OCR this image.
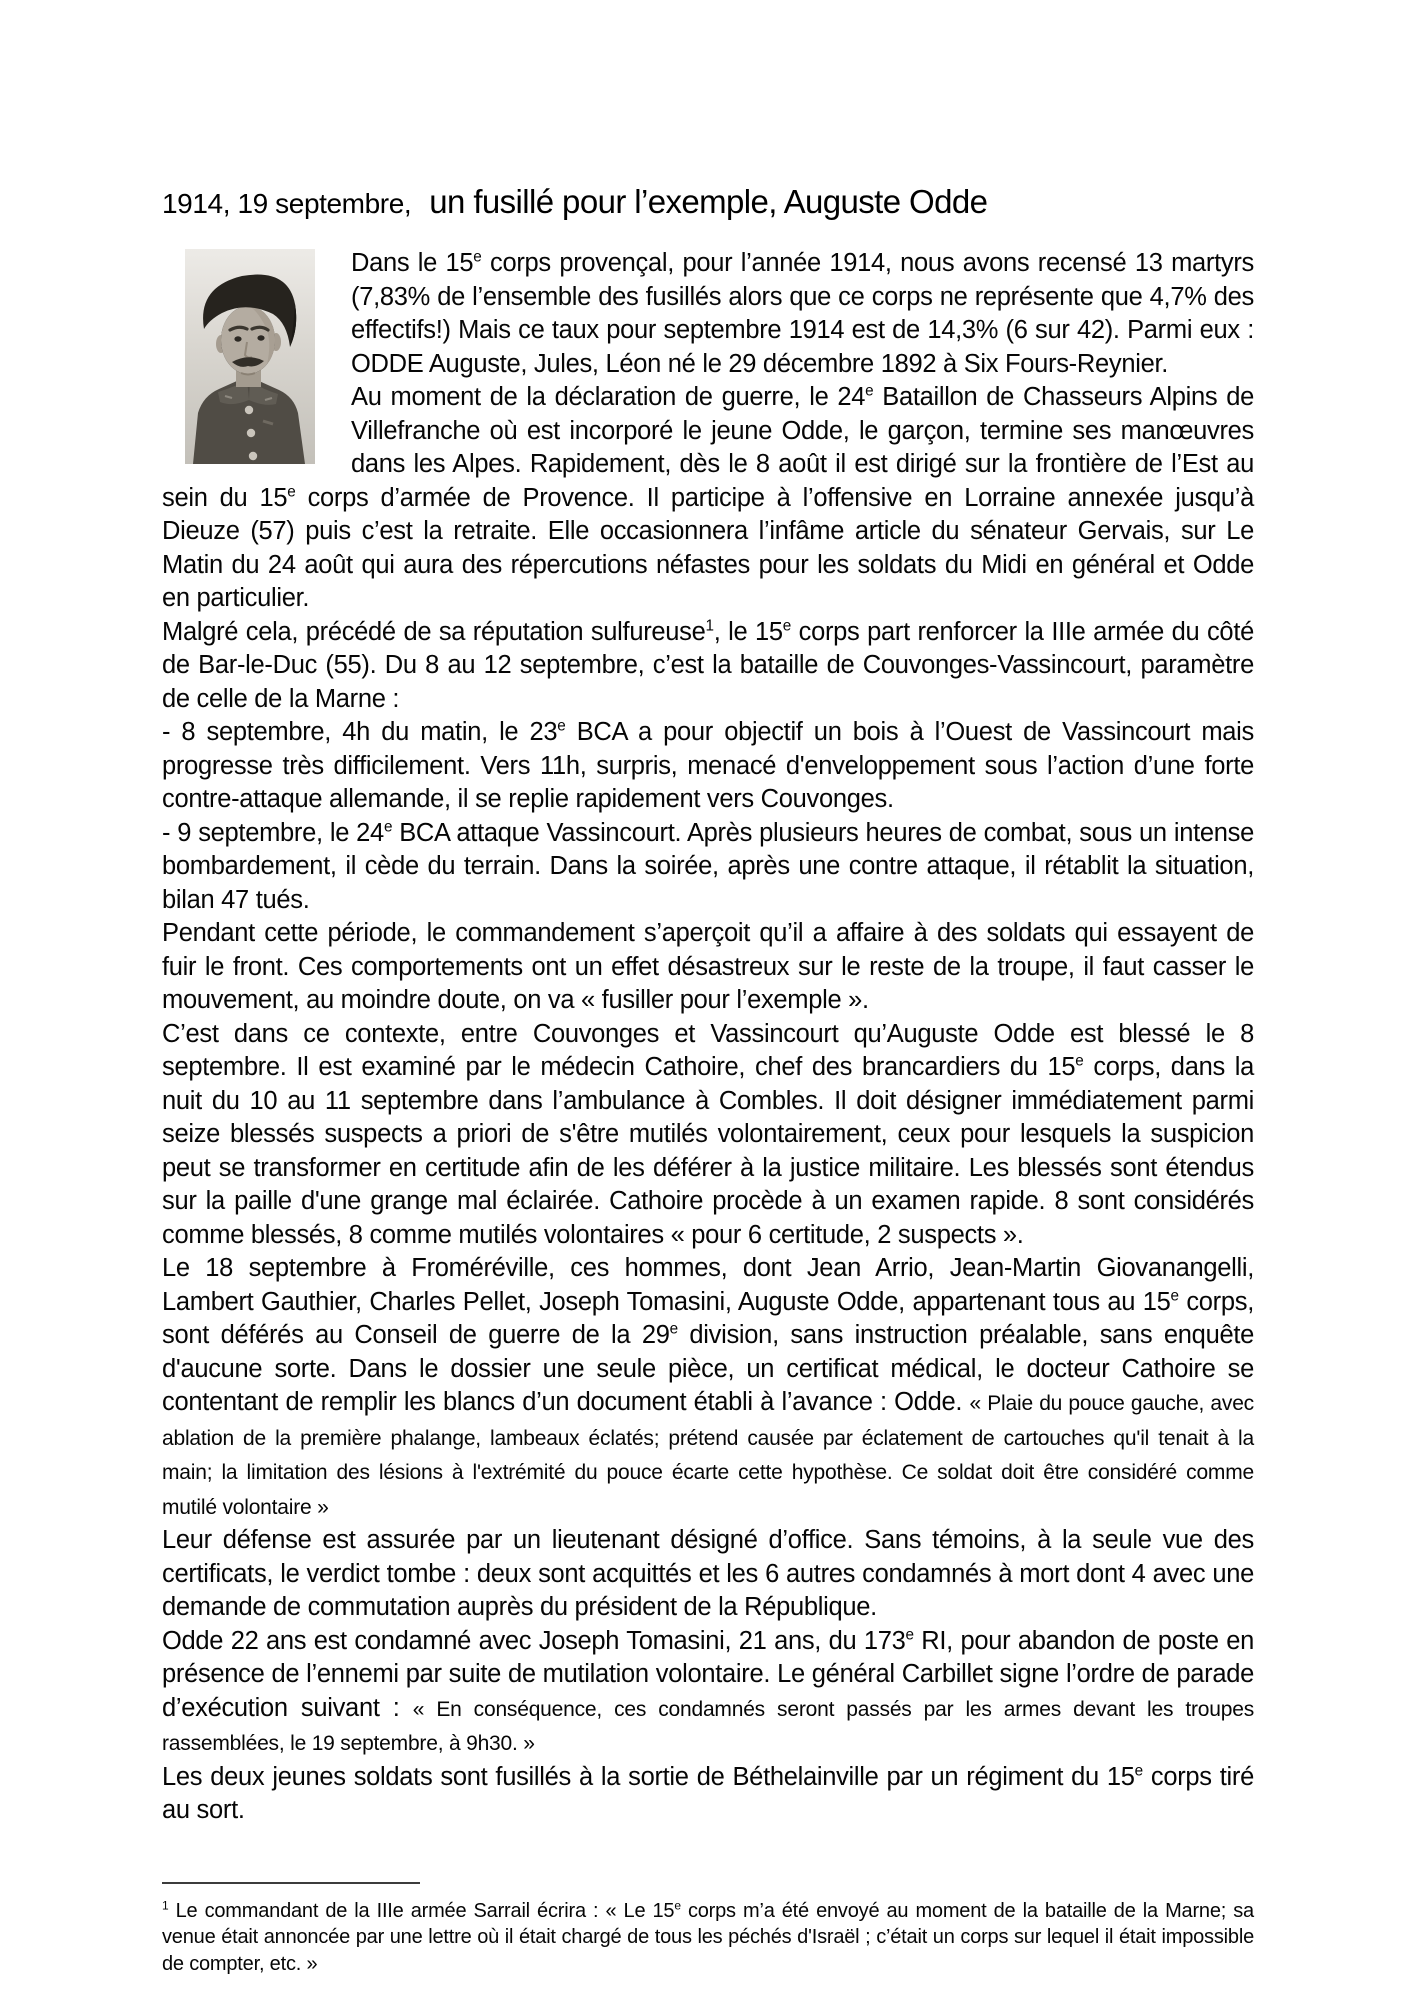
1914, 19 septembre, un fusillé pour l’exemple, Auguste Odde

Dans le 15e corps provençal, pour l’année 1914, nous avons recensé 13 martyrs (7,83% de l’ensemble des fusillés alors que ce corps ne représente que 4,7% des effectifs!) Mais ce taux pour septembre 1914 est de 14,3% (6 sur 42). Parmi eux : ODDE Auguste, Jules, Léon né le 29 décembre 1892 à Six Fours-Reynier.

Au moment de la déclaration de guerre, le 24e Bataillon de Chasseurs Alpins de Villefranche où est incorporé le jeune Odde, le garçon, termine ses manœuvres dans les Alpes. Rapidement, dès le 8 août il est dirigé sur la frontière de l’Est au sein du 15e corps d’armée de Provence. Il participe à l’offensive en Lorraine annexée jusqu’à Dieuze (57) puis c’est la retraite. Elle occasionnera l’infâme article du sénateur Gervais, sur Le Matin du 24 août qui aura des répercutions néfastes pour les soldats du Midi en général et Odde en particulier.

Malgré cela, précédé de sa réputation sulfureuse$^1$, le 15e corps part renforcer la IIIe armée du côté de Bar-le-Duc (55). Du 8 au 12 septembre, c’est la bataille de Couvonges-Vassincourt, paramètre de celle de la Marne :

- 8 septembre, 4h du matin, le 23e BCA a pour objectif un bois à l’Ouest de Vassincourt mais progresse très difficilement. Vers 11h, surpris, menacé d'enveloppement sous l’action d’une forte contre-attaque allemande, il se replie rapidement vers Couvonges.

- 9 septembre, le 24e BCA attaque Vassincourt. Après plusieurs heures de combat, sous un intense bombardement, il cède du terrain. Dans la soirée, après une contre attaque, il rétablit la situation, bilan 47 tués.

Pendant cette période, le commandement s’aperçoit qu’il a affaire à des soldats qui essayent de fuir le front. Ces comportements ont un effet désastreux sur le reste de la troupe, il faut casser le mouvement, au moindre doute, on va « fusiller pour l’exemple ».

C’est dans ce contexte, entre Couvonges et Vassincourt qu’Auguste Odde est blessé le 8 septembre. Il est examiné par le médecin Cathoire, chef des brancardiers du 15e corps, dans la nuit du 10 au 11 septembre dans l’ambulance à Combles. Il doit désigner immédiatement parmi seize blessés suspects a priori de s'être mutilés volontairement, ceux pour lesquels la suspicion peut se transformer en certitude afin de les déférer à la justice militaire. Les blessés sont étendus sur la paille d'une grange mal éclairée. Cathoire procède à un examen rapide. 8 sont considérés comme blessés, 8 comme mutilés volontaires « pour 6 certitude, 2 suspects ».

Le 18 septembre à Froméréville, ces hommes, dont Jean Arrio, Jean-Martin Giovanangelli, Lambert Gauthier, Charles Pellet, Joseph Tomasini, Auguste Odde, appartenant tous au 15e corps, sont déférés au Conseil de guerre de la 29e division, sans instruction préalable, sans enquête d'aucune sorte. Dans le dossier une seule pièce, un certificat médical, le docteur Cathoire se contentant de remplir les blancs d’un document établi à l’avance : Odde. « Plaie du pouce gauche, avec ablation de la première phalange, lambeaux éclatés; prétend causée par éclatement de cartouches qu'il tenait à la main; la limitation des lésions à l'extrémité du pouce écarte cette hypothèse. Ce soldat doit être considéré comme mutilé volontaire »

Leur défense est assurée par un lieutenant désigné d’office. Sans témoins, à la seule vue des certificats, le verdict tombe : deux sont acquittés et les 6 autres condamnés à mort dont 4 avec une demande de commutation auprès du président de la République.

Odde 22 ans est condamné avec Joseph Tomasini, 21 ans, du 173e RI, pour abandon de poste en présence de l’ennemi par suite de mutilation volontaire. Le général Carbillet signe l’ordre de parade d’exécution suivant : « En conséquence, ces condamnés seront passés par les armes devant les troupes rassemblées, le 19 septembre, à 9h30. »

Les deux jeunes soldats sont fusillés à la sortie de Béthelainville par un régiment du 15e corps tiré au sort.

$^1$ Le commandant de la IIIe armée Sarrail écrira : « Le 15e corps m’a été envoyé au moment de la bataille de la Marne; sa venue était annoncée par une lettre où il était chargé de tous les péchés d'Israël ; c’était un corps sur lequel il était impossible de compter, etc. »
